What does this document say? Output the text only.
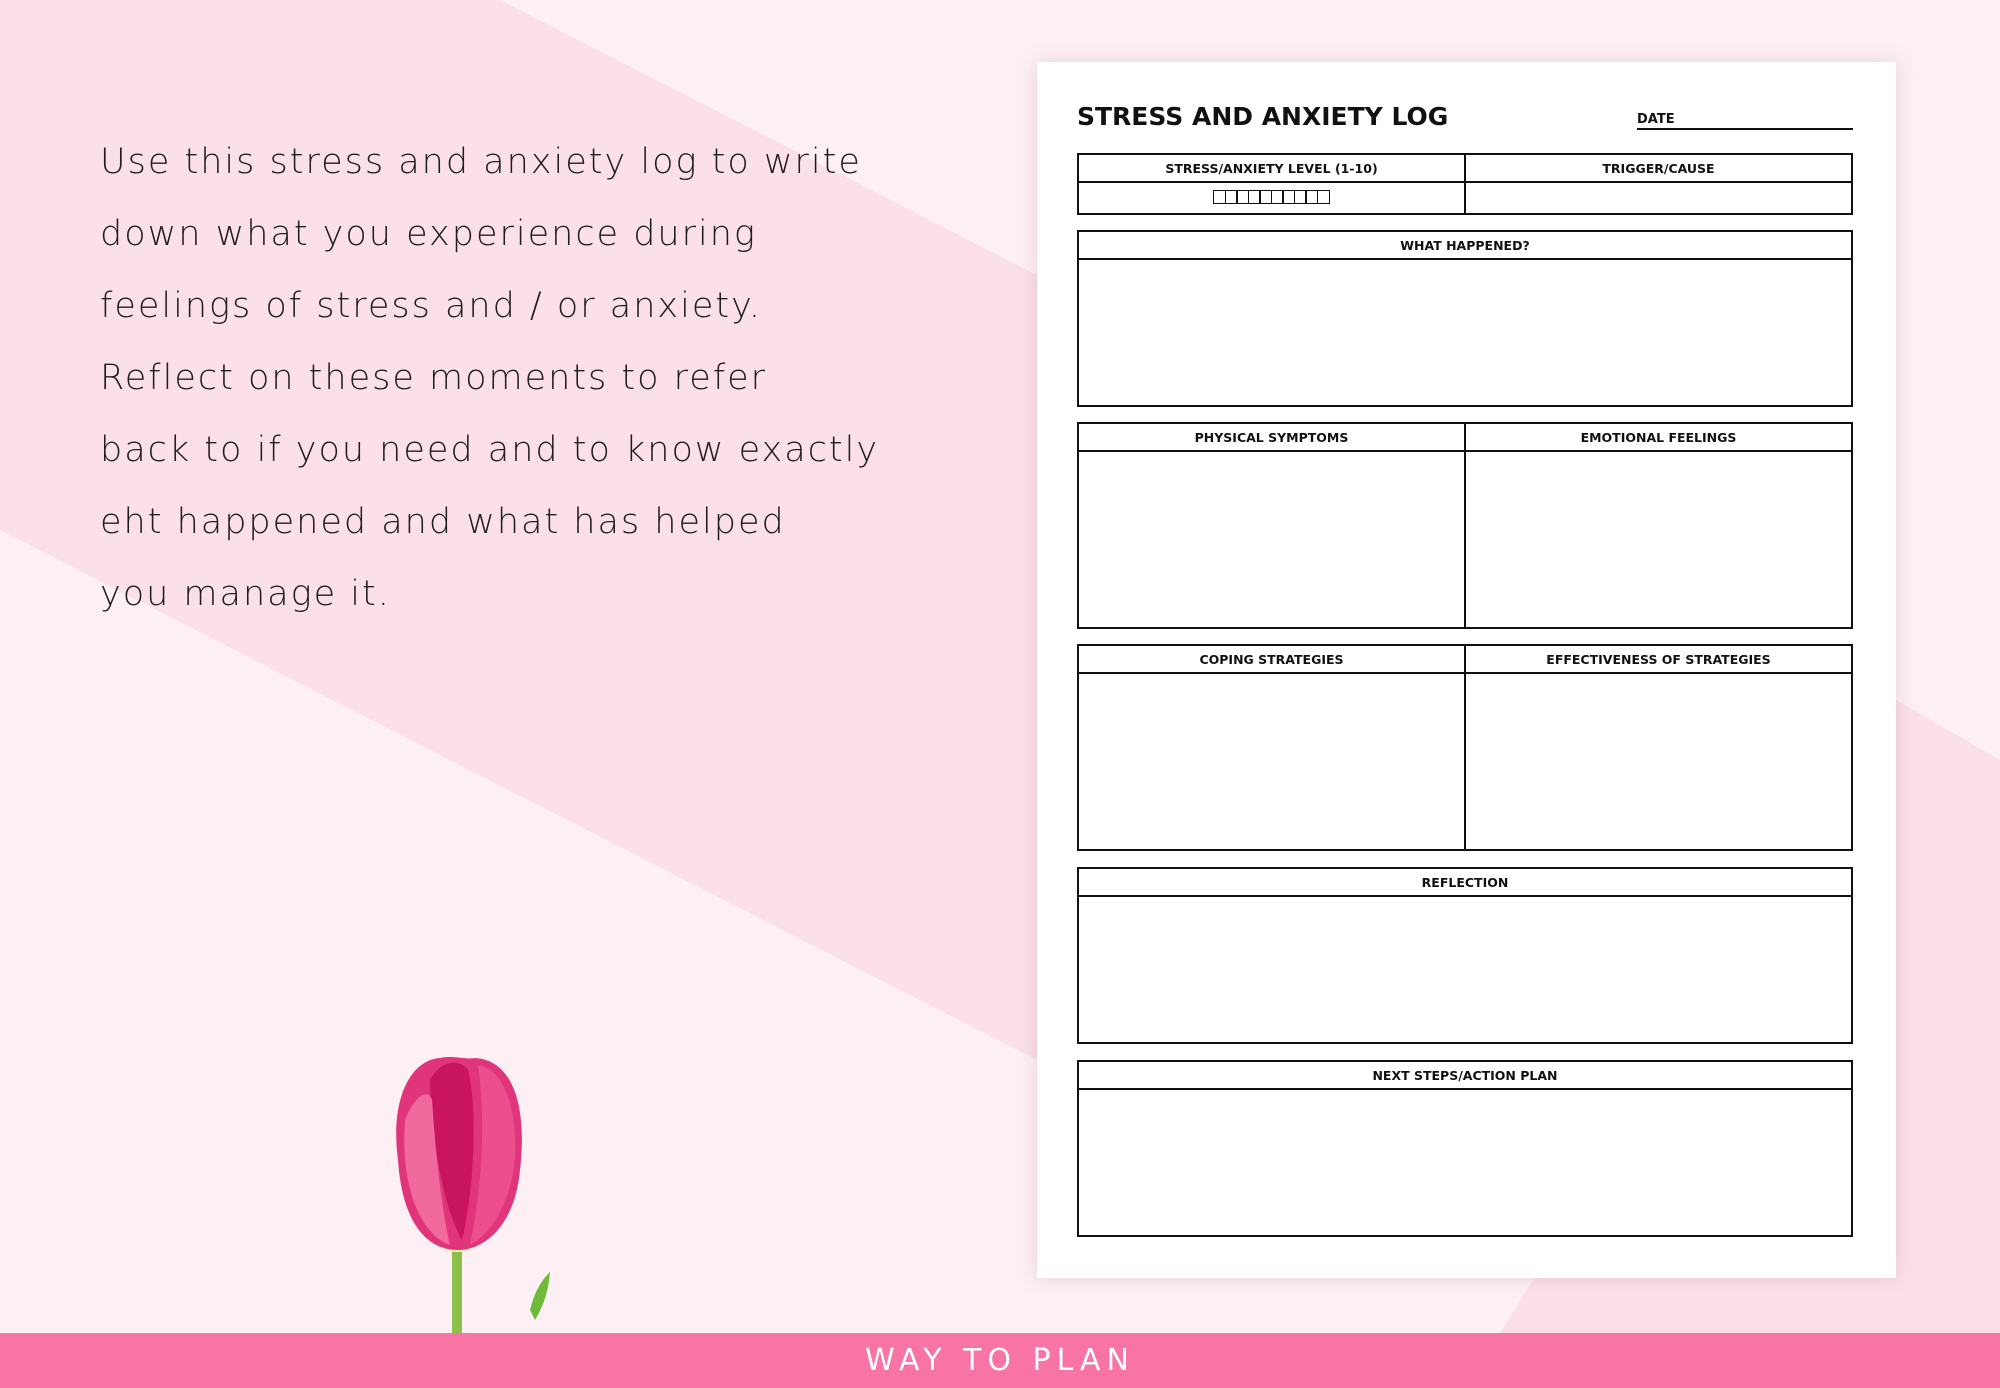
Use this stress and anxiety log to write

down what you experience during

feelings of stress and / or anxiety.

Reflect on these moments to refer

back to if you need and to know exactly

eht happened and what has helped

you manage it.

STRESS AND ANXIETY LOG	DATE
STRESS/ANXIETY LEVEL (1-10)	TRIGGER/CAUSE
WHAT HAPPENED?
PHYSICAL SYMPTOMS	EMOTIONAL FEELINGS
COPING STRATEGIES	EFFECTIVENESS OF STRATEGIES
REFLECTION
NEXT STEPS/ACTION PLAN
WAY TO PLAN
